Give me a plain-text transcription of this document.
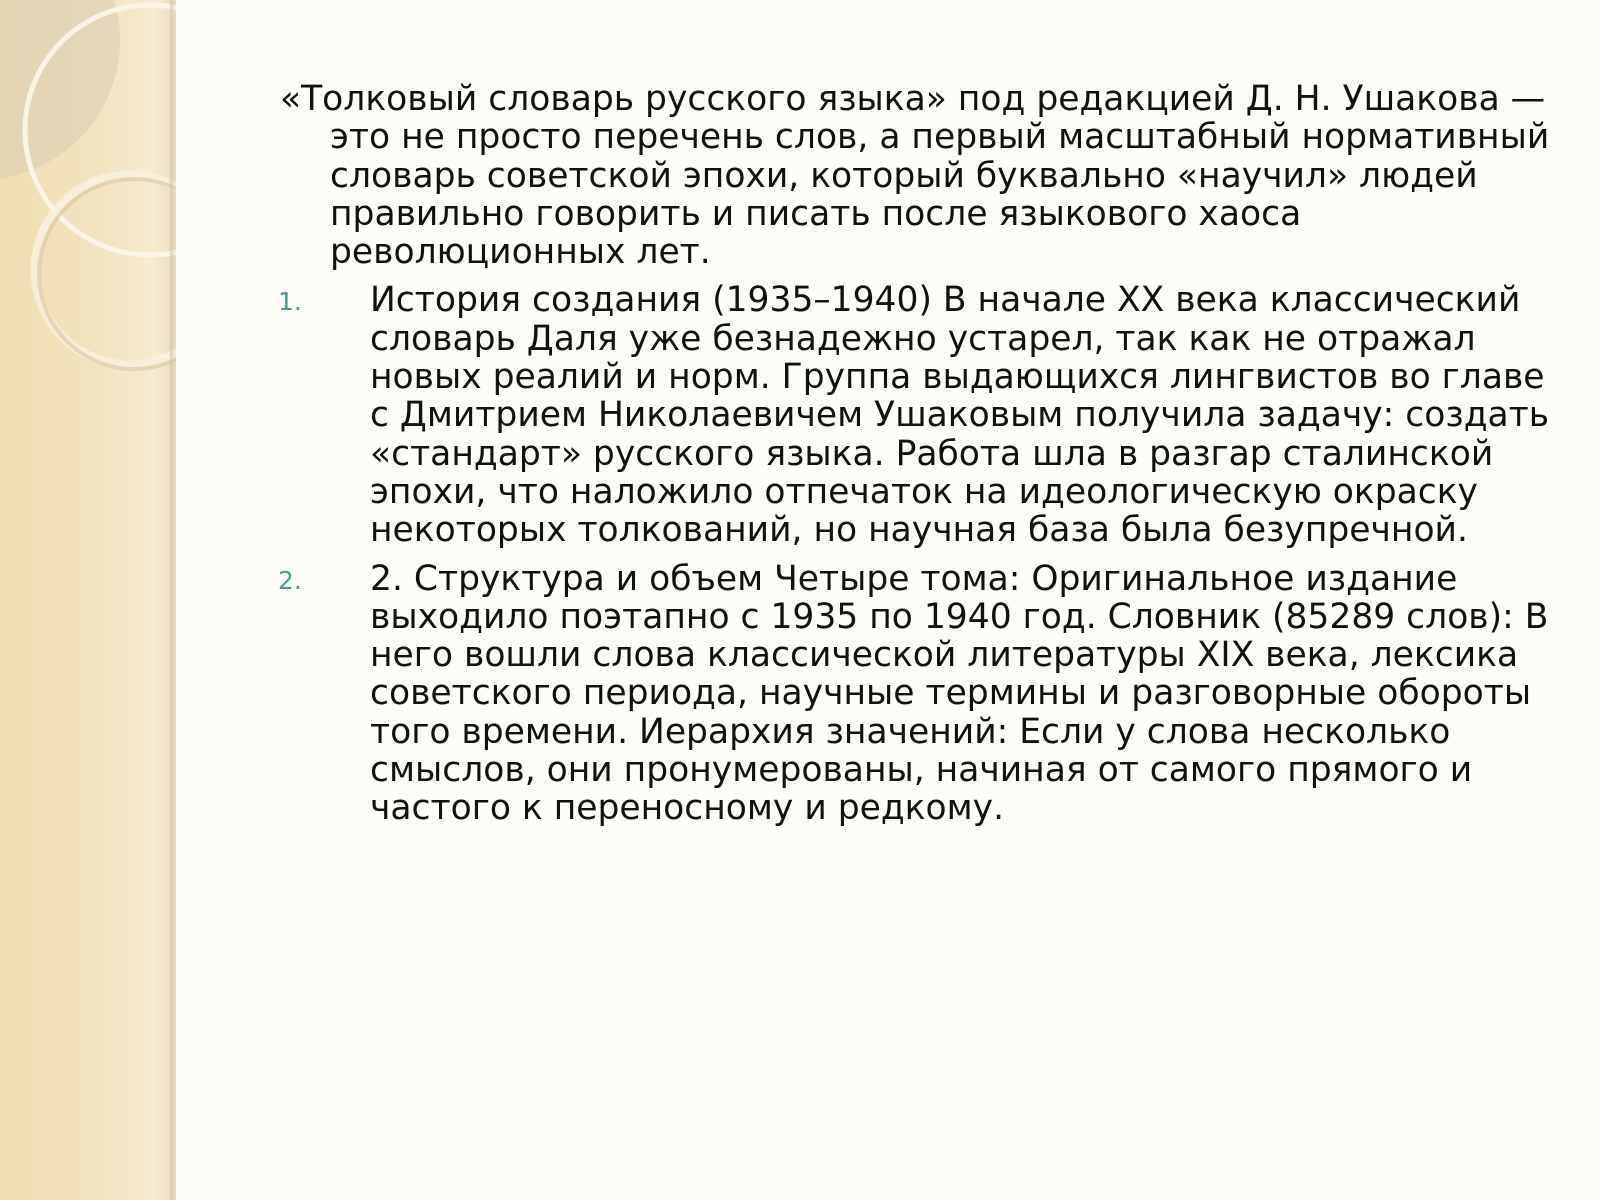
«Толковый словарь русского языка» под редакцией Д. Н. Ушакова — это не просто перечень слов, а первый масштабный нормативный словарь советской эпохи, который буквально «научил» людей правильно говорить и писать после языкового хаоса революционных лет.

1. История создания (1935–1940) В начале XX века классический словарь Даля уже безнадежно устарел, так как не отражал новых реалий и норм. Группа выдающихся лингвистов во главе с Дмитрием Николаевичем Ушаковым получила задачу: создать «стандарт» русского языка. Работа шла в разгар сталинской эпохи, что наложило отпечаток на идеологическую окраску некоторых толкований, но научная база была безупречной.
2. 2. Структура и объем Четыре тома: Оригинальное издание выходило поэтапно с 1935 по 1940 год. Словник (85289 слов): В него вошли слова классической литературы XIX века, лексика советского периода, научные термины и разговорные обороты того времени. Иерархия значений: Если у слова несколько смыслов, они пронумерованы, начиная от самого прямого и частого к переносному и редкому.
